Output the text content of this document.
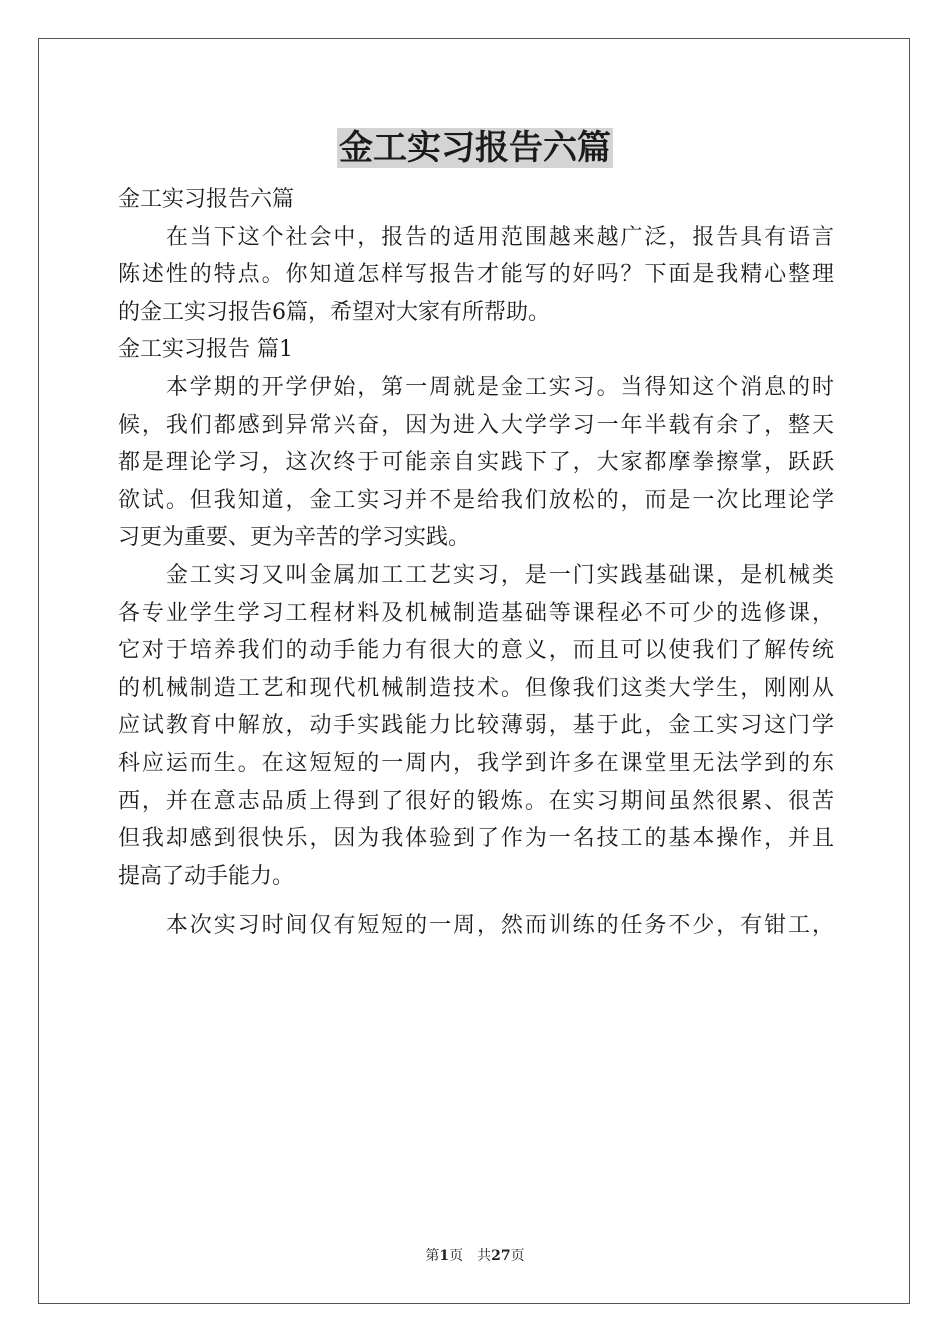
金工实习报告六篇
金工实习报告六篇
　　在当下这个社会中，报告的适用范围越来越广泛，报告具有语言
陈述性的特点。你知道怎样写报告才能写的好吗？下面是我精心整理
的金工实习报告6篇，希望对大家有所帮助。
金工实习报告 篇1
　　本学期的开学伊始，第一周就是金工实习。当得知这个消息的时
候，我们都感到异常兴奋，因为进入大学学习一年半载有余了，整天
都是理论学习，这次终于可能亲自实践下了，大家都摩拳擦掌，跃跃
欲试。但我知道，金工实习并不是给我们放松的，而是一次比理论学
习更为重要、更为辛苦的学习实践。
　　金工实习又叫金属加工工艺实习，是一门实践基础课，是机械类
各专业学生学习工程材料及机械制造基础等课程必不可少的选修课，
它对于培养我们的动手能力有很大的意义，而且可以使我们了解传统
的机械制造工艺和现代机械制造技术。但像我们这类大学生，刚刚从
应试教育中解放，动手实践能力比较薄弱，基于此，金工实习这门学
科应运而生。在这短短的一周内，我学到许多在课堂里无法学到的东
西，并在意志品质上得到了很好的锻炼。在实习期间虽然很累、很苦
但我却感到很快乐，因为我体验到了作为一名技工的基本操作，并且
提高了动手能力。
　　本次实习时间仅有短短的一周，然而训练的任务不少，有钳工，
第1页　共27页
